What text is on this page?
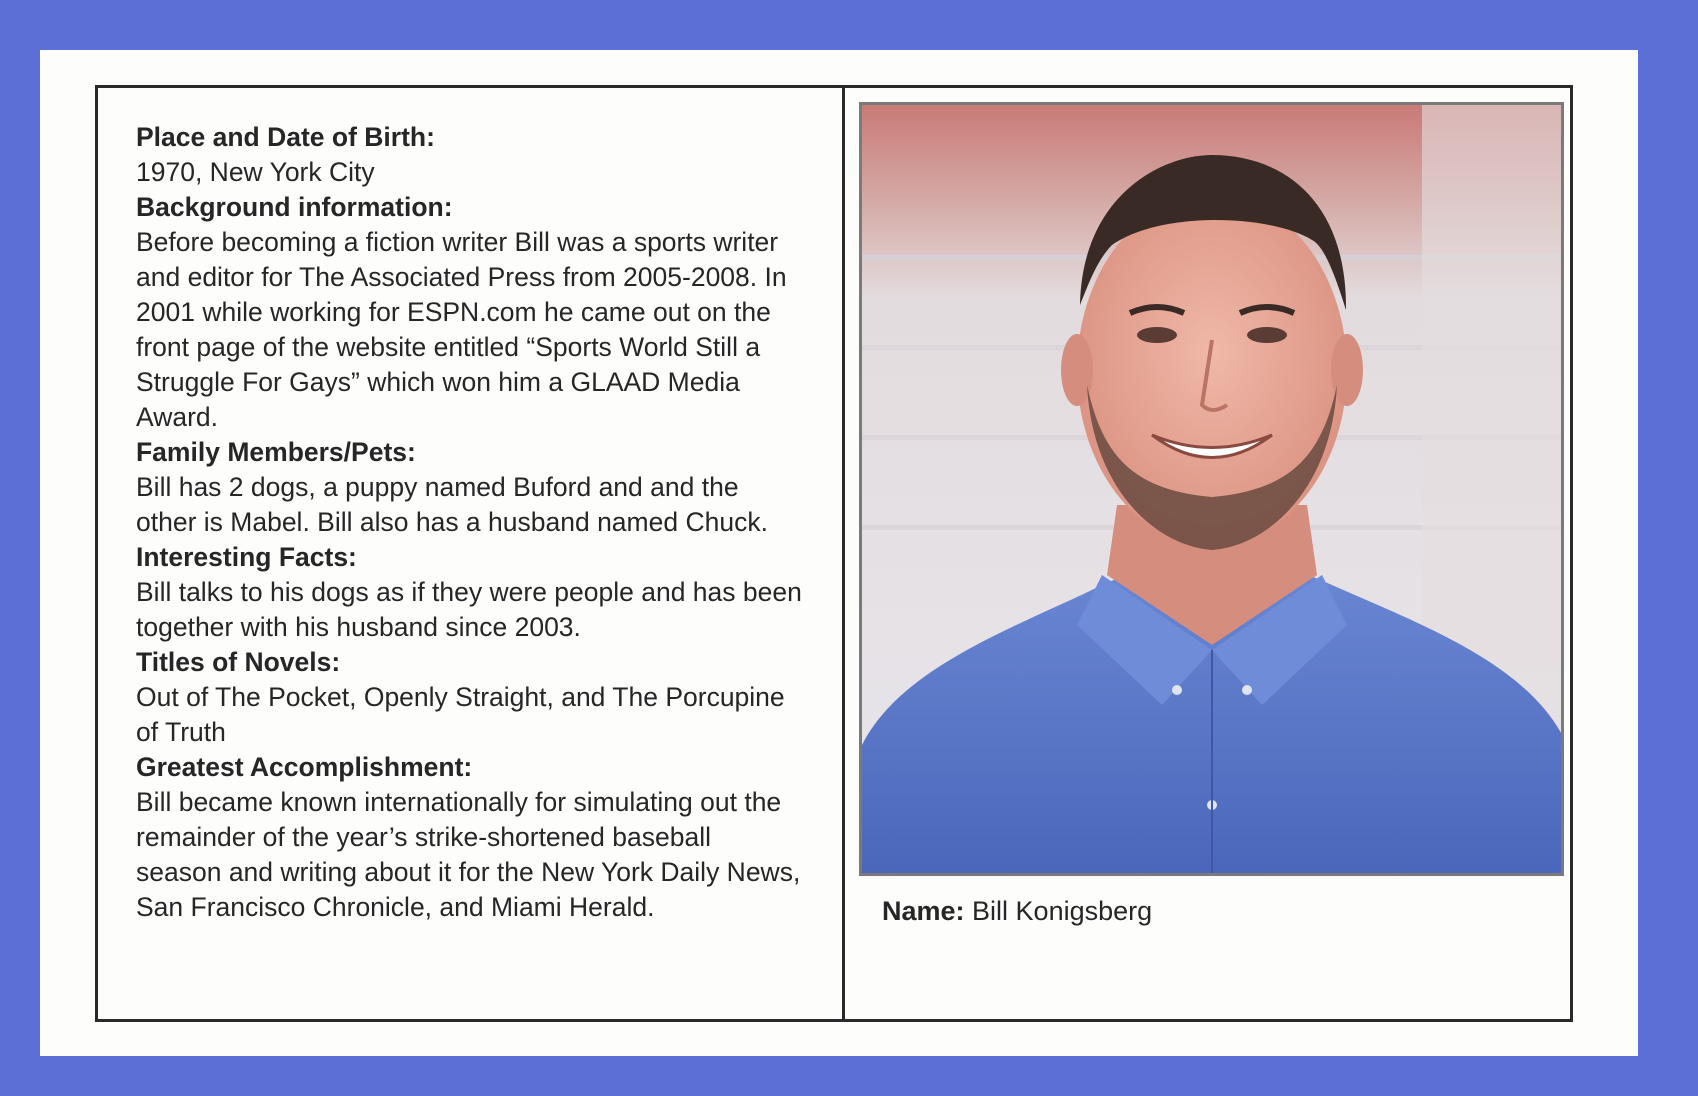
Place and Date of Birth:

1970, New York City

Background information:

Before becoming a fiction writer Bill was a sports writer and editor for The Associated Press from 2005-2008. In 2001 while working for ESPN.com he came out on the front page of the website entitled “Sports World Still a Struggle For Gays” which won him a GLAAD Media Award.

Family Members/Pets:

Bill has 2 dogs, a puppy named Buford and and the other is Mabel. Bill also has a husband named Chuck.

Interesting Facts:

Bill talks to his dogs as if they were people and has been together with his husband since 2003.

Titles of Novels:

Out of The Pocket, Openly Straight, and The Porcupine of Truth

Greatest Accomplishment:

Bill became known internationally for simulating out the remainder of the year’s strike-shortened baseball season and writing about it for the New York Daily News, San Francisco Chronicle, and Miami Herald.	Name: Bill Konigsberg
